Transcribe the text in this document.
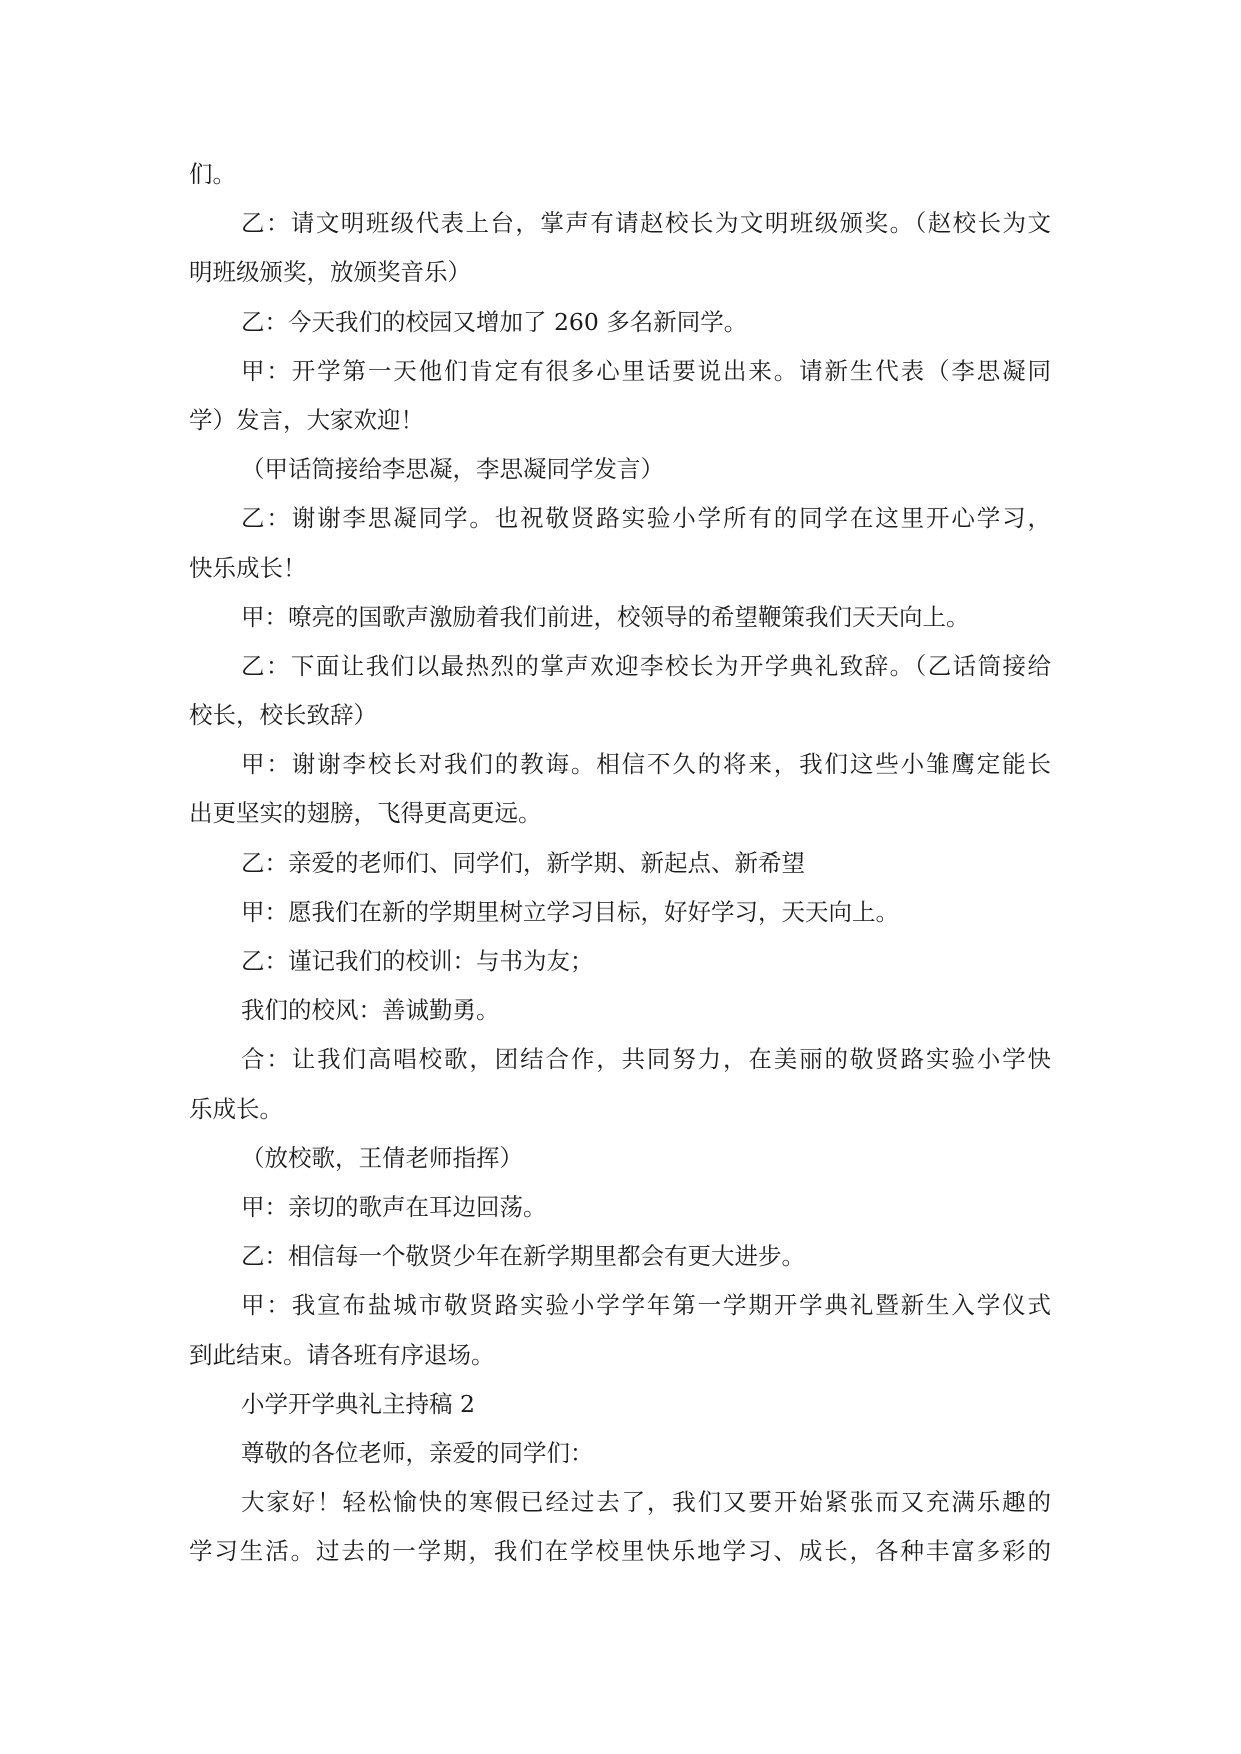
们。
乙：请文明班级代表上台，掌声有请赵校长为文明班级颁奖。（赵校长为文
明班级颁奖，放颁奖音乐）
乙：今天我们的校园又增加了 260 多名新同学。
甲：开学第一天他们肯定有很多心里话要说出来。请新生代表（李思凝同
学）发言，大家欢迎！
（甲话筒接给李思凝，李思凝同学发言）
乙：谢谢李思凝同学。也祝敬贤路实验小学所有的同学在这里开心学习，
快乐成长！
甲：嘹亮的国歌声激励着我们前进，校领导的希望鞭策我们天天向上。
乙：下面让我们以最热烈的掌声欢迎李校长为开学典礼致辞。（乙话筒接给
校长，校长致辞）
甲：谢谢李校长对我们的教诲。相信不久的将来，我们这些小雏鹰定能长
出更坚实的翅膀，飞得更高更远。
乙：亲爱的老师们、同学们，新学期、新起点、新希望
甲：愿我们在新的学期里树立学习目标，好好学习，天天向上。
乙：谨记我们的校训：与书为友；
我们的校风：善诚勤勇。
合：让我们高唱校歌，团结合作，共同努力，在美丽的敬贤路实验小学快
乐成长。
（放校歌，王倩老师指挥）
甲：亲切的歌声在耳边回荡。
乙：相信每一个敬贤少年在新学期里都会有更大进步。
甲：我宣布盐城市敬贤路实验小学学年第一学期开学典礼暨新生入学仪式
到此结束。请各班有序退场。
小学开学典礼主持稿 2
尊敬的各位老师，亲爱的同学们：
大家好！轻松愉快的寒假已经过去了，我们又要开始紧张而又充满乐趣的
学习生活。过去的一学期，我们在学校里快乐地学习、成长，各种丰富多彩的
